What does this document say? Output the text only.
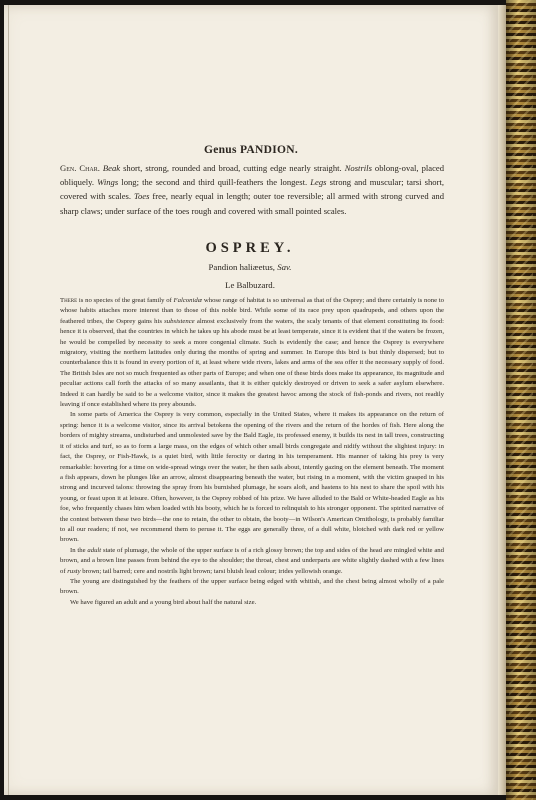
Genus PANDION.
Gen. Char. Beak short, strong, rounded and broad, cutting edge nearly straight. Nostrils oblong-oval, placed obliquely. Wings long; the second and third quill-feathers the longest. Legs strong and muscular; tarsi short, covered with scales. Toes free, nearly equal in length; outer toe reversible; all armed with strong curved and sharp claws; under surface of the toes rough and covered with small pointed scales.
OSPREY.
Pandion haliæetus, Sav.
Le Balbuzard.

There is no species of the great family of Falconidæ whose range of habitat is so universal as that of the Osprey; and there certainly is none to whose habits attaches more interest than to those of this noble bird. While some of its race prey upon quadrupeds, and others upon the feathered tribes, the Osprey gains his subsistence almost exclusively from the waters, the scaly tenants of that element constituting its food: hence it is observed, that the countries in which he takes up his abode must be at least temperate, since it is evident that if the waters be frozen, he would be compelled by necessity to seek a more congenial climate. Such is evidently the case; and hence the Osprey is everywhere migratory, visiting the northern latitudes only during the months of spring and summer. In Europe this bird is but thinly dispersed; but to counterbalance this it is found in every portion of it, at least where wide rivers, lakes and arms of the sea offer it the necessary supply of food. The British Isles are not so much frequented as other parts of Europe; and when one of these birds does make its appearance, its magnitude and peculiar actions call forth the attacks of so many assailants, that it is either quickly destroyed or driven to seek a safer asylum elsewhere. Indeed it can hardly be said to be a welcome visitor, since it makes the greatest havoc among the stock of fish-ponds and rivers, not readily leaving if once established where its prey abounds.

In some parts of America the Osprey is very common, especially in the United States, where it makes its appearance on the return of spring: hence it is a welcome visitor, since its arrival betokens the opening of the rivers and the return of the hordes of fish. Here along the borders of mighty streams, undisturbed and unmolested save by the Bald Eagle, its professed enemy, it builds its nest in tall trees, constructing it of sticks and turf, so as to form a large mass, on the edges of which other small birds congregate and nidify without the slightest injury: in fact, the Osprey, or Fish-Hawk, is a quiet bird, with little ferocity or daring in his temperament. His manner of taking his prey is very remarkable: hovering for a time on wide-spread wings over the water, he then sails about, intently gazing on the element beneath. The moment a fish appears, down he plunges like an arrow, almost disappearing beneath the water, but rising in a moment, with the victim grasped in his strong and incurved talons: throwing the spray from his burnished plumage, he soars aloft, and hastens to his nest to share the spoil with his young, or feast upon it at leisure. Often, however, is the Osprey robbed of his prize. We have alluded to the Bald or White-headed Eagle as his foe, who frequently chases him when loaded with his booty, which he is forced to relinquish to his stronger opponent. The spirited narrative of the contest between these two birds—the one to retain, the other to obtain, the booty—in Wilson's American Ornithology, is probably familiar to all our readers; if not, we recommend them to peruse it. The eggs are generally three, of a dull white, blotched with dark red or yellow brown.

In the adult state of plumage, the whole of the upper surface is of a rich glossy brown; the top and sides of the head are mingled white and brown, and a brown line passes from behind the eye to the shoulder; the throat, chest and underparts are white slightly dashed with a few lines of rusty brown; tail barred; cere and nostrils light brown; tarsi bluish lead colour; irides yellowish orange.

The young are distinguished by the feathers of the upper surface being edged with whitish, and the chest being almost wholly of a pale brown.

We have figured an adult and a young bird about half the natural size.
